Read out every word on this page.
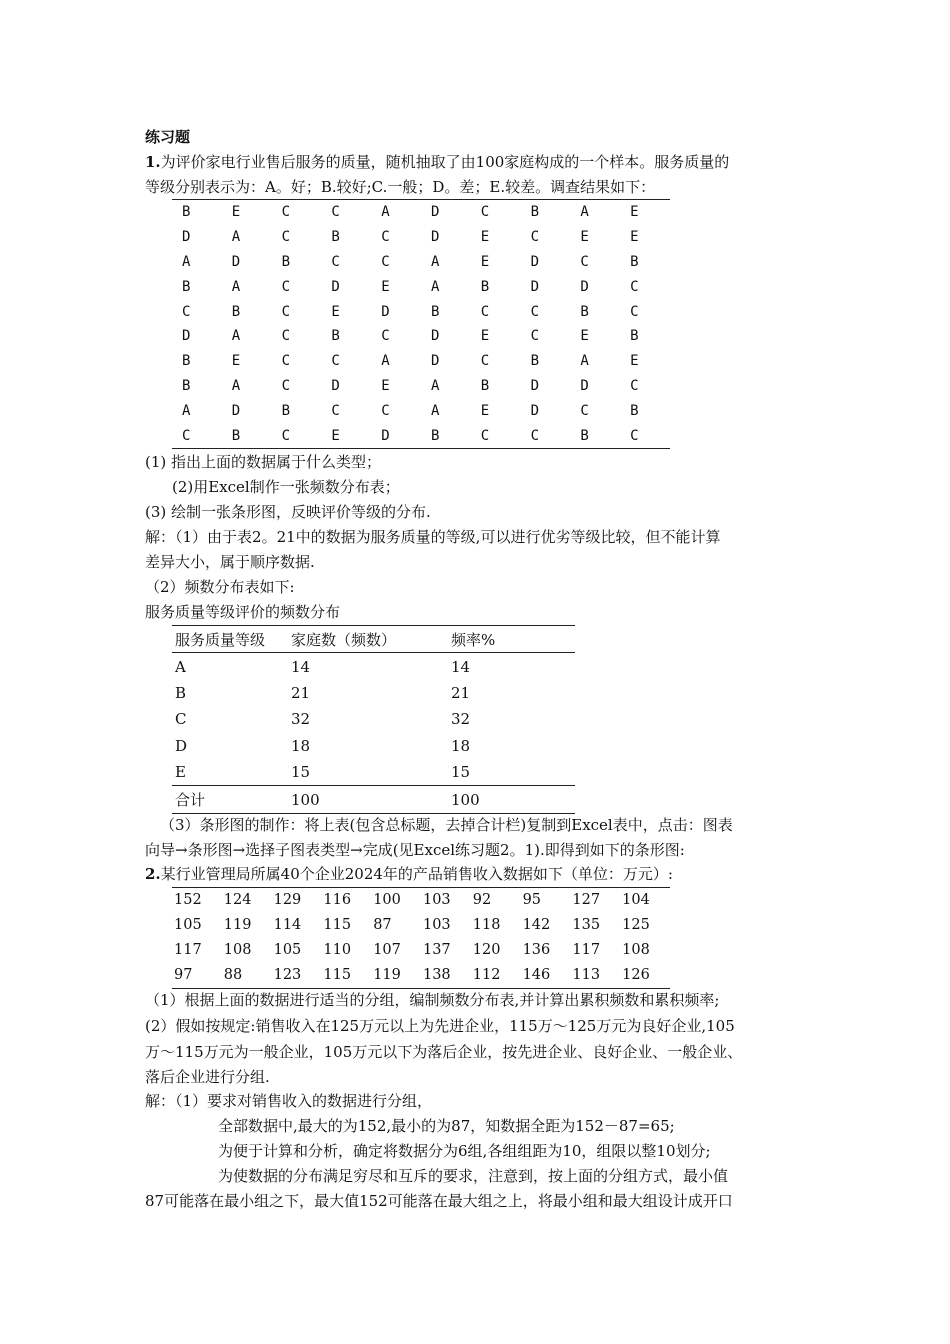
练习题
1.为评价家电行业售后服务的质量，随机抽取了由100家庭构成的一个样本。服务质量的
等级分别表示为：A。好；B.较好;C.一般；D。差；E.较差。调查结果如下：
B	E	C	C	A	D	C	B	A	E
D	A	C	B	C	D	E	C	E	E
A	D	B	C	C	A	E	D	C	B
B	A	C	D	E	A	B	D	D	C
C	B	C	E	D	B	C	C	B	C
D	A	C	B	C	D	E	C	E	B
B	E	C	C	A	D	C	B	A	E
B	A	C	D	E	A	B	D	D	C
A	D	B	C	C	A	E	D	C	B
C	B	C	E	D	B	C	C	B	C
(1) 指出上面的数据属于什么类型；
(2)用Excel制作一张频数分布表；
(3) 绘制一张条形图，反映评价等级的分布.
解：（1）由于表2。21中的数据为服务质量的等级,可以进行优劣等级比较，但不能计算
差异大小，属于顺序数据.
（2）频数分布表如下:
服务质量等级评价的频数分布
服务质量等级	家庭数（频数）	频率%
A	14	14
B	21	21
C	32	32
D	18	18
E	15	15
合计	100	100
（3）条形图的制作：将上表(包含总标题，去掉合计栏)复制到Excel表中，点击：图表
向导→条形图→选择子图表类型→完成(见Excel练习题2。1).即得到如下的条形图:
2.某行业管理局所属40个企业2024年的产品销售收入数据如下（单位：万元）:
152	124	129	116	100	103	92	95	127	104
105	119	114	115	87	103	118	142	135	125
117	108	105	110	107	137	120	136	117	108
97	88	123	115	119	138	112	146	113	126
（1）根据上面的数据进行适当的分组，编制频数分布表,并计算出累积频数和累积频率;
(2）假如按规定:销售收入在125万元以上为先进企业，115万～125万元为良好企业,105
万～115万元为一般企业，105万元以下为落后企业，按先进企业、良好企业、一般企业、
落后企业进行分组.
解：（1）要求对销售收入的数据进行分组，
全部数据中,最大的为152,最小的为87，知数据全距为152－87=65;
为便于计算和分析，确定将数据分为6组,各组组距为10，组限以整10划分;
为使数据的分布满足穷尽和互斥的要求，注意到，按上面的分组方式，最小值
87可能落在最小组之下，最大值152可能落在最大组之上，将最小组和最大组设计成开口
